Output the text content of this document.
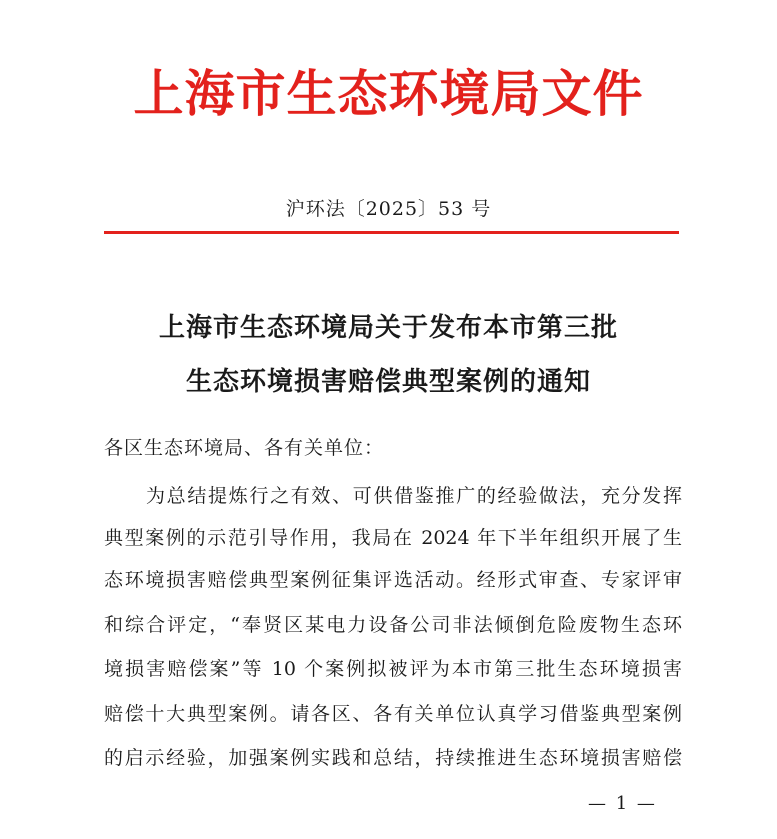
上海市生态环境局文件
沪环法〔2025〕53 号
上海市生态环境局关于发布本市第三批
生态环境损害赔偿典型案例的通知
各区生态环境局、各有关单位：
为总结提炼行之有效、可供借鉴推广的经验做法，充分发挥
典型案例的示范引导作用，我局在 2024 年下半年组织开展了生
态环境损害赔偿典型案例征集评选活动。经形式审查、专家评审
和综合评定，“奉贤区某电力设备公司非法倾倒危险废物生态环
境损害赔偿案”等 10 个案例拟被评为本市第三批生态环境损害
赔偿十大典型案例。请各区、各有关单位认真学习借鉴典型案例
的启示经验，加强案例实践和总结，持续推进生态环境损害赔偿
— 1 —
